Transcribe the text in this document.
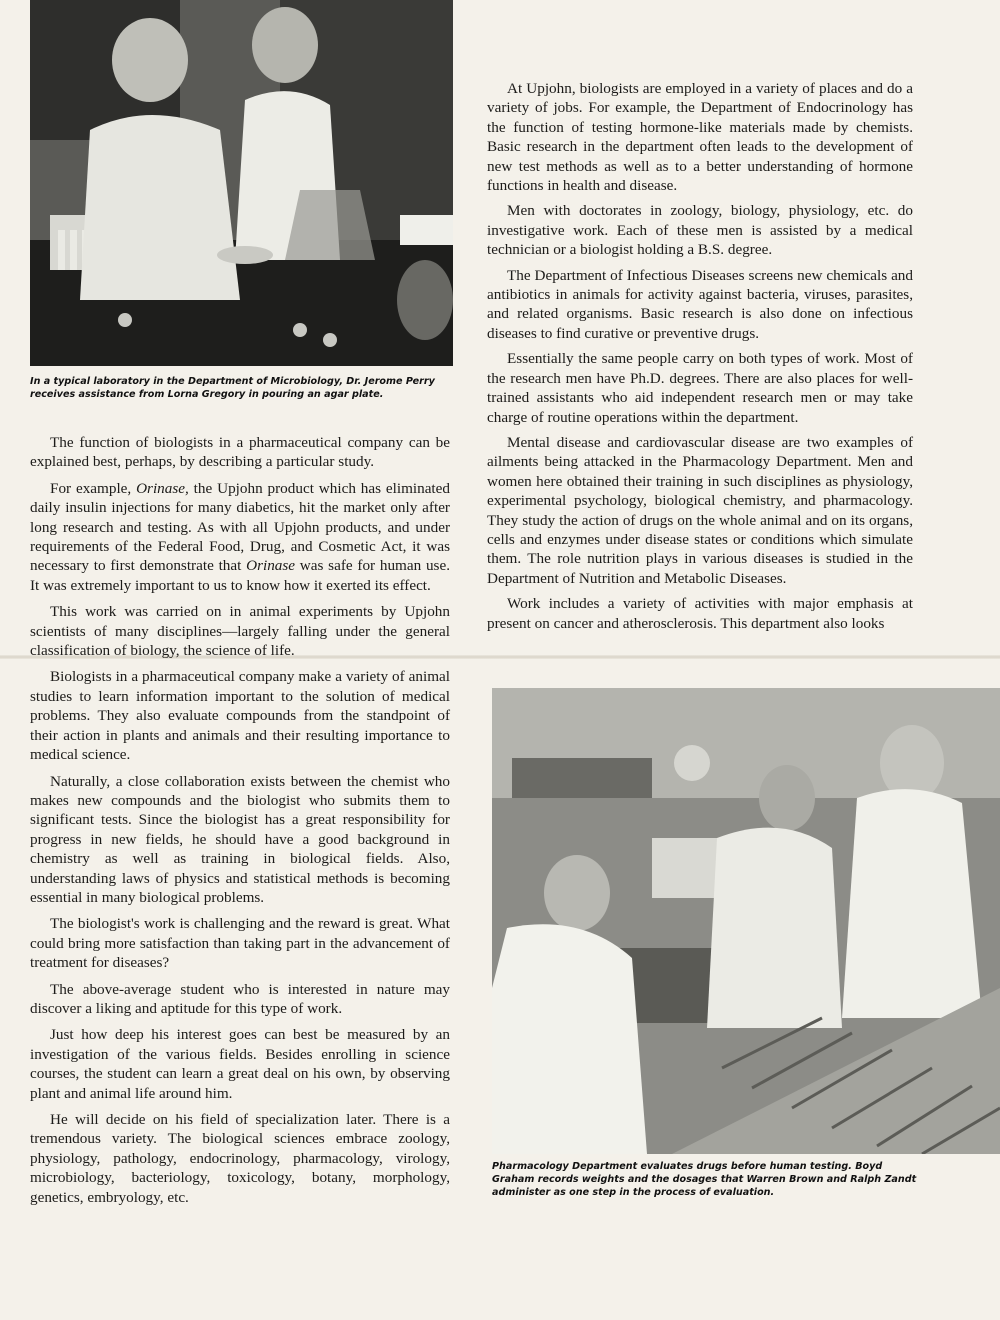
In a typical laboratory in the Department of Microbiology, Dr. Jerome Perry receives assistance from Lorna Gregory in pouring an agar plate.

The function of biologists in a pharmaceutical company can be explained best, perhaps, by describing a particular study.

For example, Orinase, the Upjohn product which has eliminated daily insulin injections for many diabetics, hit the market only after long research and testing. As with all Upjohn products, and under requirements of the Federal Food, Drug, and Cosmetic Act, it was necessary to first demonstrate that Orinase was safe for human use. It was extremely important to us to know how it exerted its effect.

This work was carried on in animal experiments by Upjohn scientists of many disciplines—largely falling under the general classification of biology, the science of life.

Biologists in a pharmaceutical company make a variety of animal studies to learn information important to the solution of medical problems. They also evaluate compounds from the standpoint of their action in plants and animals and their resulting importance to medical science.

Naturally, a close collaboration exists between the chemist who makes new compounds and the biologist who submits them to significant tests. Since the biologist has a great responsibility for progress in new fields, he should have a good background in chemistry as well as training in biological fields. Also, understanding laws of physics and statistical methods is becoming essential in many biological problems.

The biologist's work is challenging and the reward is great. What could bring more satisfaction than taking part in the advancement of treatment for diseases?

The above-average student who is interested in nature may discover a liking and aptitude for this type of work.

Just how deep his interest goes can best be measured by an investigation of the various fields. Besides enrolling in science courses, the student can learn a great deal on his own, by observing plant and animal life around him.

He will decide on his field of specialization later. There is a tremendous variety. The biological sciences embrace zoology, physiology, pathology, endocrinology, pharmacology, virology, microbiology, bacteriology, toxicology, botany, morphology, genetics, embryology, etc.

At Upjohn, biologists are employed in a variety of places and do a variety of jobs. For example, the Department of Endocrinology has the function of testing hormone-like materials made by chemists. Basic research in the department often leads to the development of new test methods as well as to a better understanding of hormone functions in health and disease.

Men with doctorates in zoology, biology, physiology, etc. do investigative work. Each of these men is assisted by a medical technician or a biologist holding a B.S. degree.

The Department of Infectious Diseases screens new chemicals and antibiotics in animals for activity against bacteria, viruses, parasites, and related organisms. Basic research is also done on infectious diseases to find curative or preventive drugs.

Essentially the same people carry on both types of work. Most of the research men have Ph.D. degrees. There are also places for well-trained assistants who aid independent research men or may take charge of routine operations within the department.

Mental disease and cardiovascular disease are two examples of ailments being attacked in the Pharmacology Department. Men and women here obtained their training in such disciplines as physiology, experimental psychology, biological chemistry, and pharmacology. They study the action of drugs on the whole animal and on its organs, cells and enzymes under disease states or conditions which simulate them. The role nutrition plays in various diseases is studied in the Department of Nutrition and Metabolic Diseases.

Work includes a variety of activities with major emphasis at present on cancer and atherosclerosis. This department also looks

Pharmacology Department evaluates drugs before human testing. Boyd Graham records weights and the dosages that Warren Brown and Ralph Zandt administer as one step in the process of evaluation.
